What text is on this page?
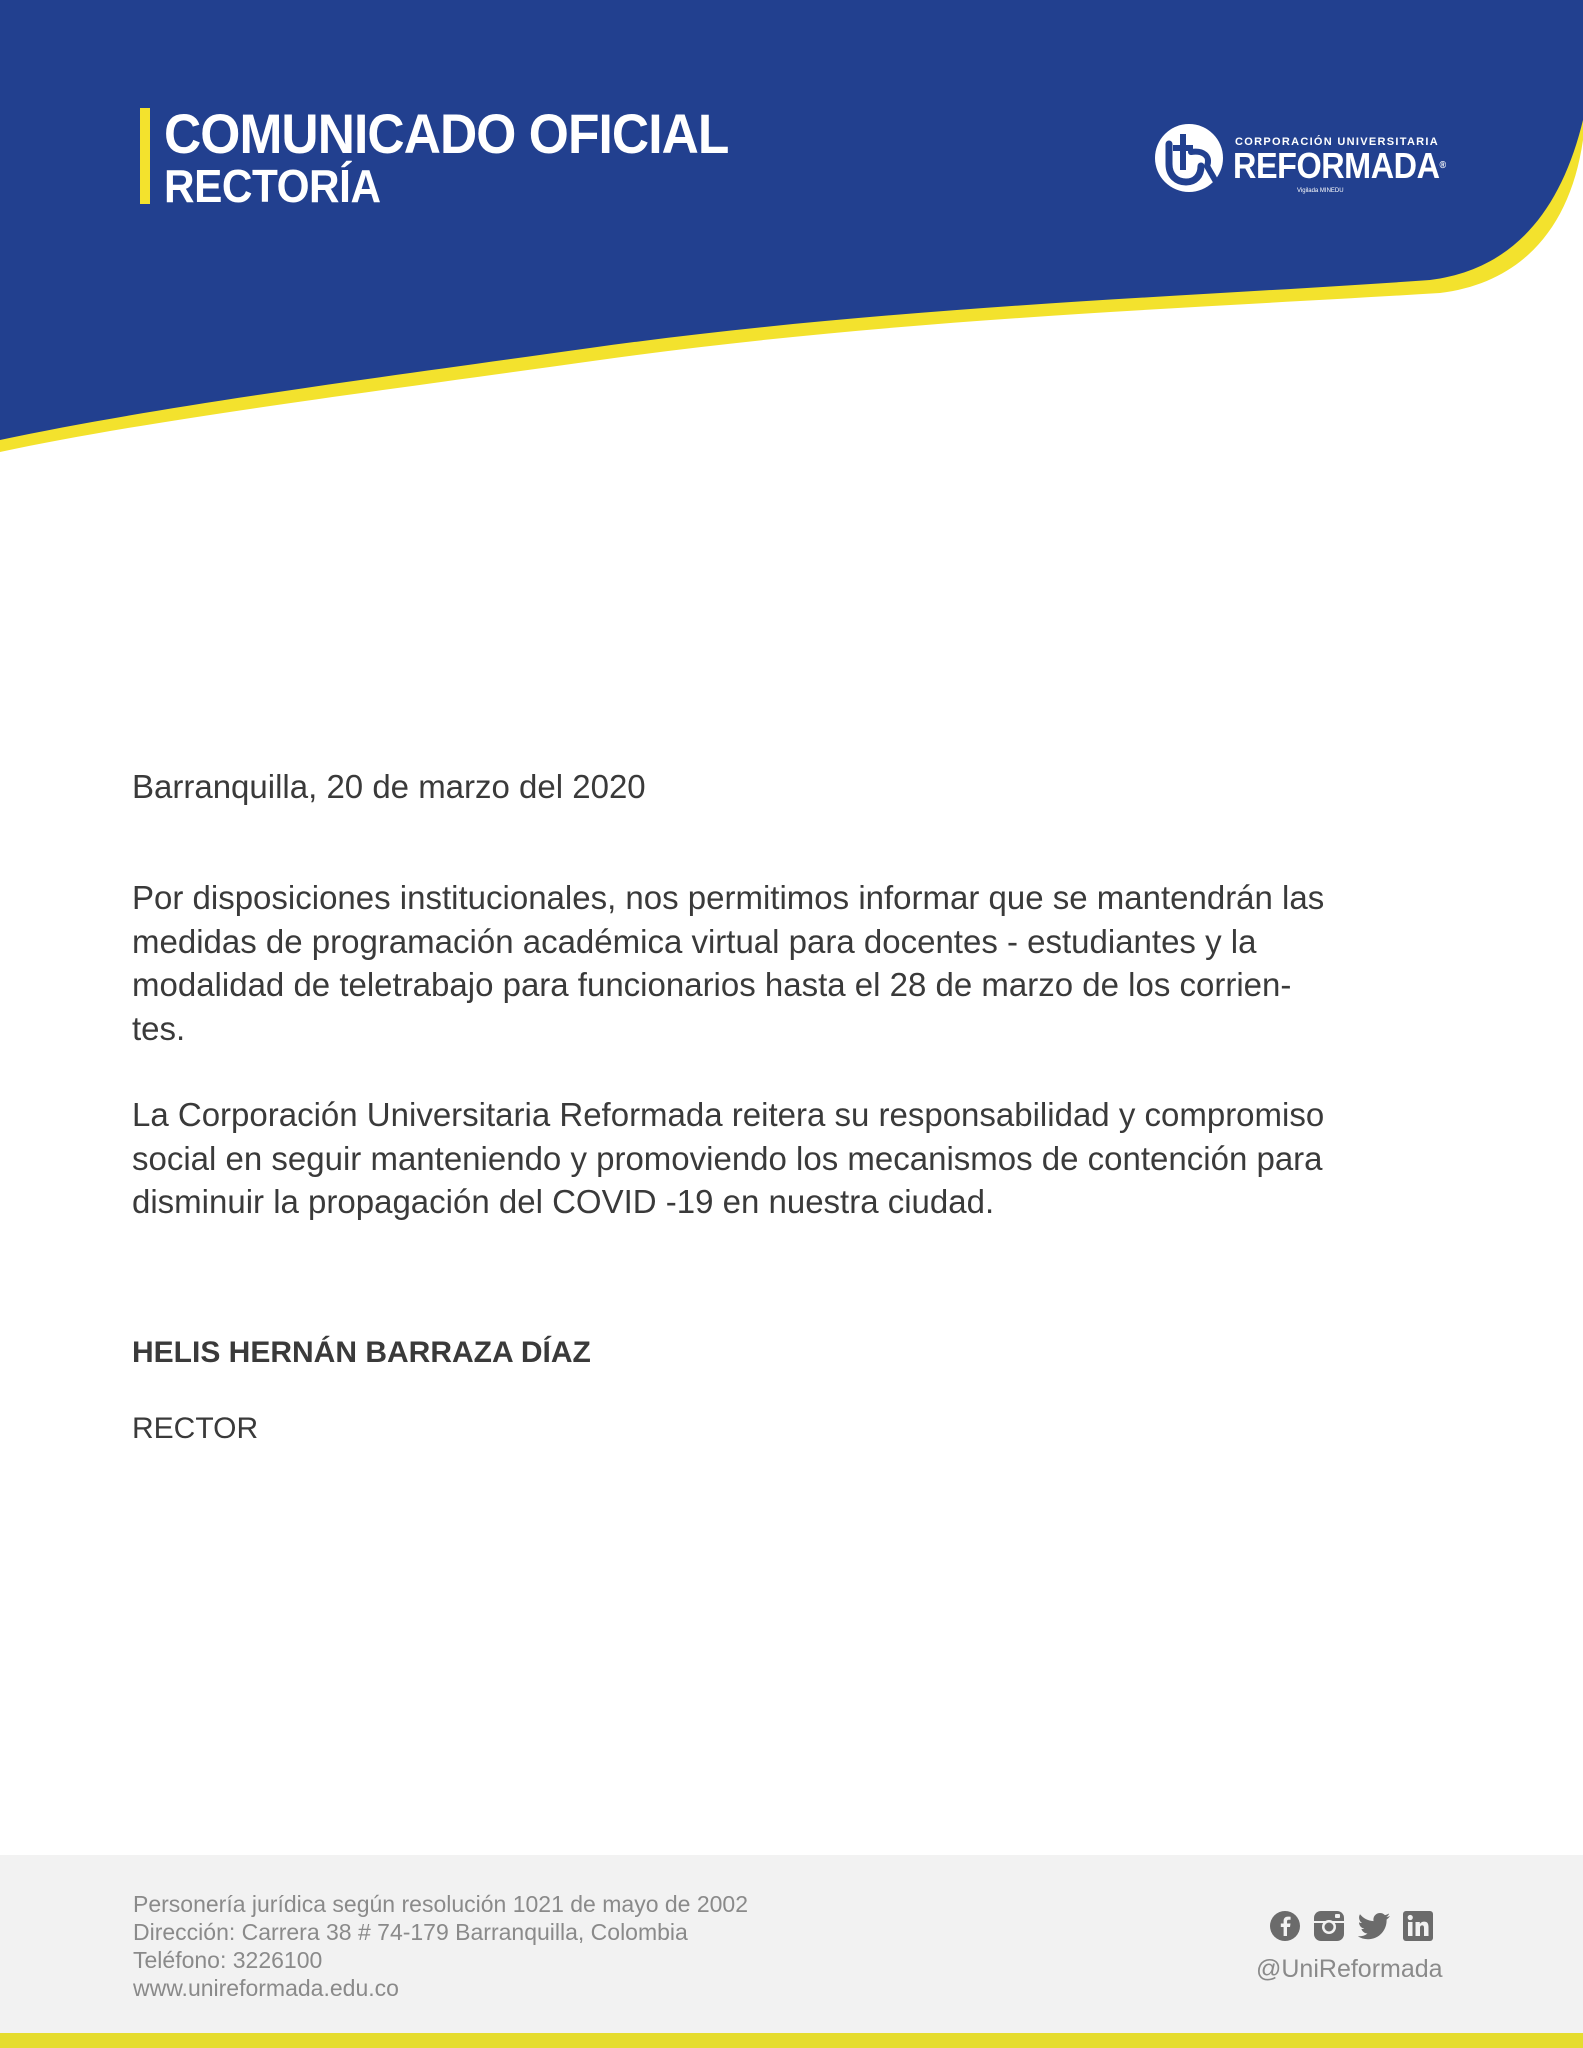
COMUNICADO OFICIAL
RECTORÍA
CORPORACIÓN UNIVERSITARIA
REFORMADA®
Vigilada MINEDU

Barranquilla, 20 de marzo del 2020

Por disposiciones institucionales, nos permitimos informar que se mantendrán las
medidas de programación académica virtual para docentes - estudiantes y la
modalidad de teletrabajo para funcionarios hasta el 28 de marzo de los corrien-
tes.

La Corporación Universitaria Reformada reitera su responsabilidad y compromiso
social en seguir manteniendo y promoviendo los mecanismos de contención para
disminuir la propagación del COVID -19 en nuestra ciudad.

HELIS HERNÁN BARRAZA DÍAZ
RECTOR
Personería jurídica según resolución 1021 de mayo de 2002
Dirección: Carrera 38 # 74-179 Barranquilla, Colombia
Teléfono: 3226100
www.unireformada.edu.co
@UniReformada
